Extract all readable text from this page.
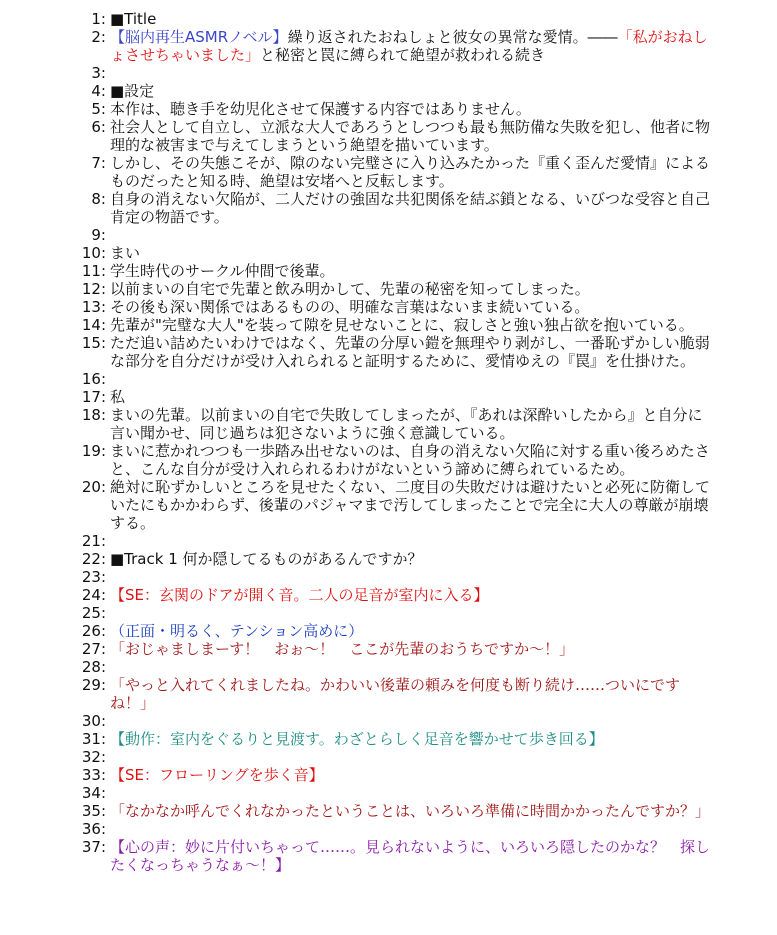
1: ■Title
2: 【脳内再生ASMRノベル】繰り返されたおねしょと彼女の異常な愛情。――「私がおねしょさせちゃいました」と秘密と罠に縛られて絶望が救われる続き
3:
4: ■設定
5: 本作は、聴き手を幼児化させて保護する内容ではありません。
6: 社会人として自立し、立派な大人であろうとしつつも最も無防備な失敗を犯し、他者に物理的な被害まで与えてしまうという絶望を描いています。
7: しかし、その失態こそが、隙のない完璧さに入り込みたかった『重く歪んだ愛情』によるものだったと知る時、絶望は安堵へと反転します。
8: 自身の消えない欠陥が、二人だけの強固な共犯関係を結ぶ鎖となる、いびつな受容と自己肯定の物語です。
9:
10: まい
11: 学生時代のサークル仲間で後輩。
12: 以前まいの自宅で先輩と飲み明かして、先輩の秘密を知ってしまった。
13: その後も深い関係ではあるものの、明確な言葉はないまま続いている。
14: 先輩が"完璧な大人"を装って隙を見せないことに、寂しさと強い独占欲を抱いている。
15: ただ追い詰めたいわけではなく、先輩の分厚い鎧を無理やり剥がし、一番恥ずかしい脆弱な部分を自分だけが受け入れられると証明するために、愛情ゆえの『罠』を仕掛けた。
16:
17: 私
18: まいの先輩。以前まいの自宅で失敗してしまったが、『あれは深酔いしたから』と自分に言い聞かせ、同じ過ちは犯さないように強く意識している。
19: まいに惹かれつつも一歩踏み出せないのは、自身の消えない欠陥に対する重い後ろめたさと、こんな自分が受け入れられるわけがないという諦めに縛られているため。
20: 絶対に恥ずかしいところを見せたくない、二度目の失敗だけは避けたいと必死に防衛していたにもかかわらず、後輩のパジャマまで汚してしまったことで完全に大人の尊厳が崩壊する。
21:
22: ■Track 1 何か隠してるものがあるんですか？
23:
24: 【SE：玄関のドアが開く音。二人の足音が室内に入る】
25:
26: （正面・明るく、テンション高めに）
27: 「おじゃましまーす！　おぉ～！　ここが先輩のおうちですか～！」
28:
29: 「やっと入れてくれましたね。かわいい後輩の頼みを何度も断り続け……ついにですね！」
30:
31: 【動作：室内をぐるりと見渡す。わざとらしく足音を響かせて歩き回る】
32:
33: 【SE：フローリングを歩く音】
34:
35: 「なかなか呼んでくれなかったということは、いろいろ準備に時間かかったんですか？」
36:
37: 【心の声：妙に片付いちゃって……。見られないように、いろいろ隠したのかな？　探したくなっちゃうなぁ～！】
